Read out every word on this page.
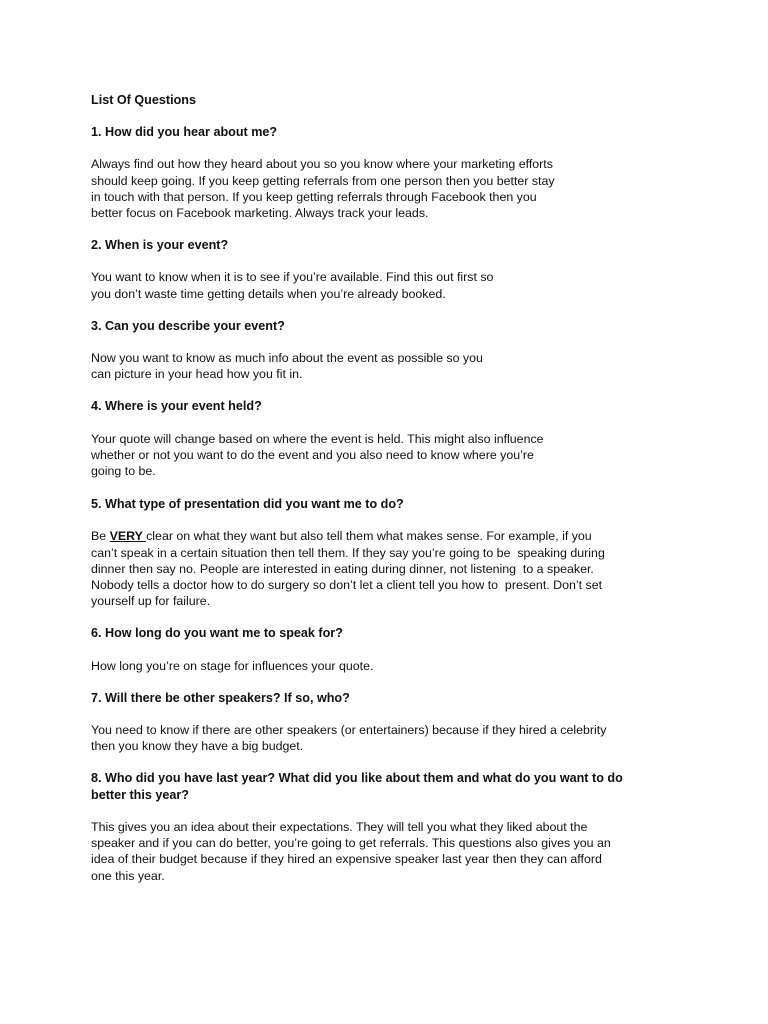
List Of Questions
1. How did you hear about me?
Always find out how they heard about you so you know where your marketing efforts
should keep going. If you keep getting referrals from one person then you better stay
in touch with that person. If you keep getting referrals through Facebook then you
better focus on Facebook marketing. Always track your leads.
2. When is your event?
You want to know when it is to see if you’re available. Find this out first so
you don’t waste time getting details when you’re already booked.
3. Can you describe your event?
Now you want to know as much info about the event as possible so you
can picture in your head how you fit in.
4. Where is your event held?
Your quote will change based on where the event is held. This might also influence
whether or not you want to do the event and you also need to know where you’re
going to be.
5. What type of presentation did you want me to do?
Be VERY clear on what they want but also tell them what makes sense. For example, if you
can’t speak in a certain situation then tell them. If they say you’re going to be  speaking during
dinner then say no. People are interested in eating during dinner, not listening  to a speaker.
Nobody tells a doctor how to do surgery so don’t let a client tell you how to  present. Don’t set
yourself up for failure.
6. How long do you want me to speak for?
How long you’re on stage for influences your quote.
7. Will there be other speakers? If so, who?
You need to know if there are other speakers (or entertainers) because if they hired a celebrity
then you know they have a big budget.
8. Who did you have last year? What did you like about them and what do you want to do
better this year?
This gives you an idea about their expectations. They will tell you what they liked about the
speaker and if you can do better, you’re going to get referrals. This questions also gives you an
idea of their budget because if they hired an expensive speaker last year then they can afford
one this year.
